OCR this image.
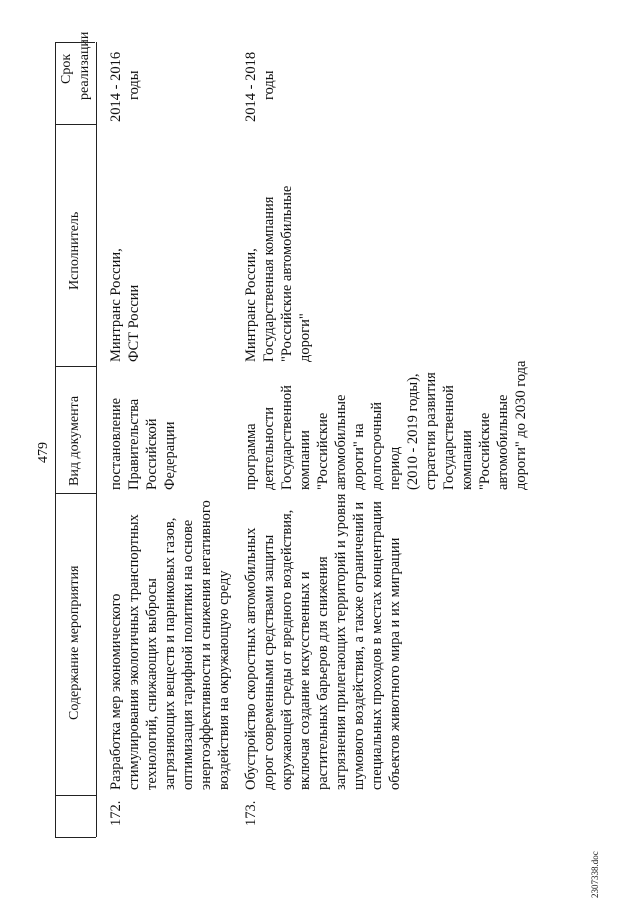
479
Срок реализации
Исполнитель
Вид документа
Содержание мероприятия
172.
Разработка мер экономического стимулирования экологичных транспортных технологий, снижающих выбросы загрязняющих веществ и парниковых газов, оптимизация тарифной политики на основе энергоэффективности и снижения негативного воздействия на окружающую среду
постановление Правительства Российской Федерации
Минтранс России, ФСТ России
2014 - 2016 годы
173.
Обустройство скоростных автомобильных дорог современными средствами защиты окружающей среды от вредного воздействия, включая создание искусственных и растительных барьеров для снижения загрязнения прилегающих территорий и уровня шумового воздействия, а также ограничений и специальных проходов в местах концентрации объектов животного мира и их миграции
программа деятельности Государственной компании "Российские автомобильные дороги" на долгосрочный период (2010 - 2019 годы), стратегия развития Государственной компании "Российские автомобильные дороги" до 2030 года
Минтранс России, Государственная компания "Российские автомобильные дороги"
2014 - 2018 годы
2307338.doc
